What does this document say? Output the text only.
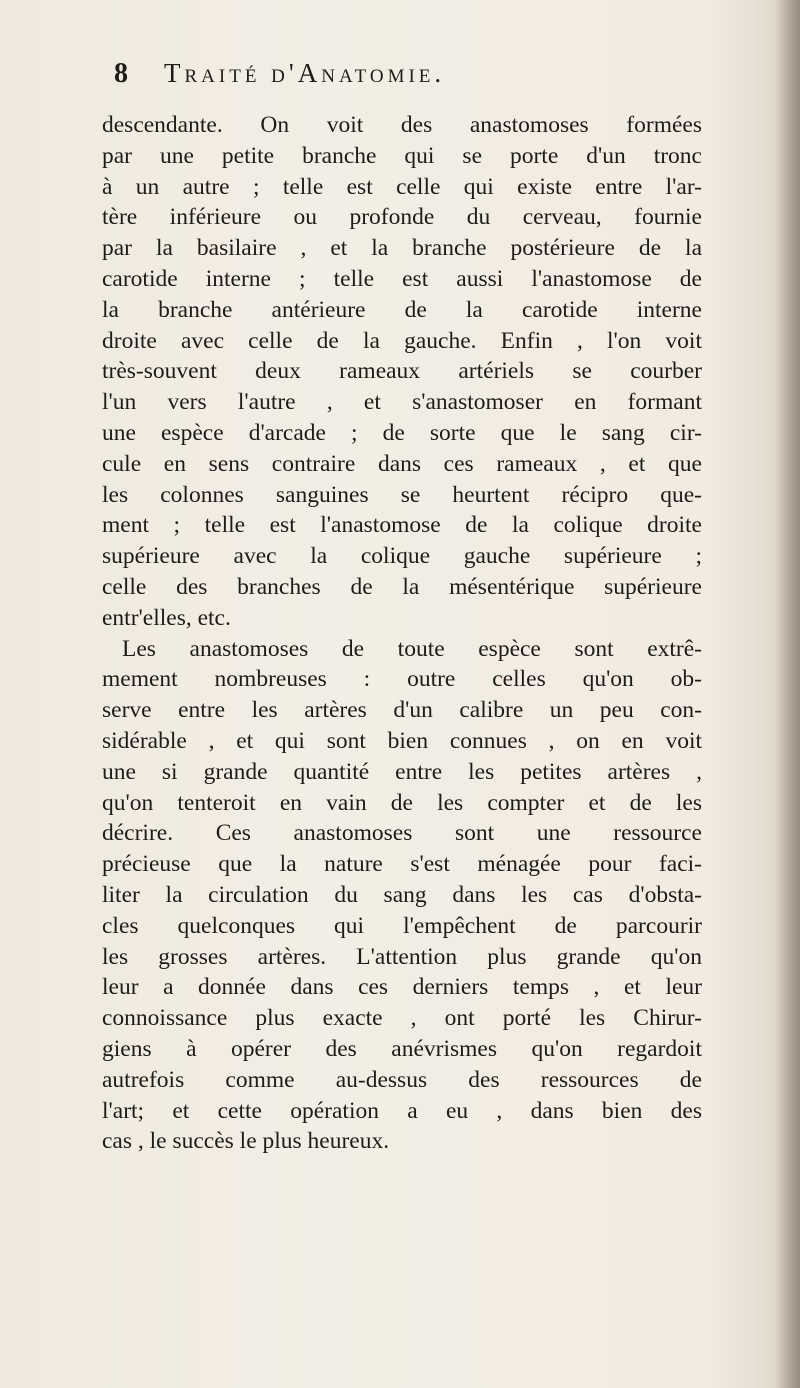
8 Traité d'Anatomie.
descendante. On voit des anastomoses formées
par une petite branche qui se porte d'un tronc
à un autre ; telle est celle qui existe entre l'ar-
tère inférieure ou profonde du cerveau, fournie
par la basilaire , et la branche postérieure de la
carotide interne ; telle est aussi l'anastomose de
la branche antérieure de la carotide interne
droite avec celle de la gauche. Enfin , l'on voit
très-souvent deux rameaux artériels se courber
l'un vers l'autre , et s'anastomoser en formant
une espèce d'arcade ; de sorte que le sang cir-
cule en sens contraire dans ces rameaux , et que
les colonnes sanguines se heurtent récipro que-
ment ; telle est l'anastomose de la colique droite
supérieure avec la colique gauche supérieure ;
celle des branches de la mésentérique supérieure
entr'elles, etc.
Les anastomoses de toute espèce sont extrê-
mement nombreuses : outre celles qu'on ob-
serve entre les artères d'un calibre un peu con-
sidérable , et qui sont bien connues , on en voit
une si grande quantité entre les petites artères ,
qu'on tenteroit en vain de les compter et de les
décrire. Ces anastomoses sont une ressource
précieuse que la nature s'est ménagée pour faci-
liter la circulation du sang dans les cas d'obsta-
cles quelconques qui l'empêchent de parcourir
les grosses artères. L'attention plus grande qu'on
leur a donnée dans ces derniers temps , et leur
connoissance plus exacte , ont porté les Chirur-
giens à opérer des anévrismes qu'on regardoit
autrefois comme au-dessus des ressources de
l'art; et cette opération a eu , dans bien des
cas , le succès le plus heureux.
